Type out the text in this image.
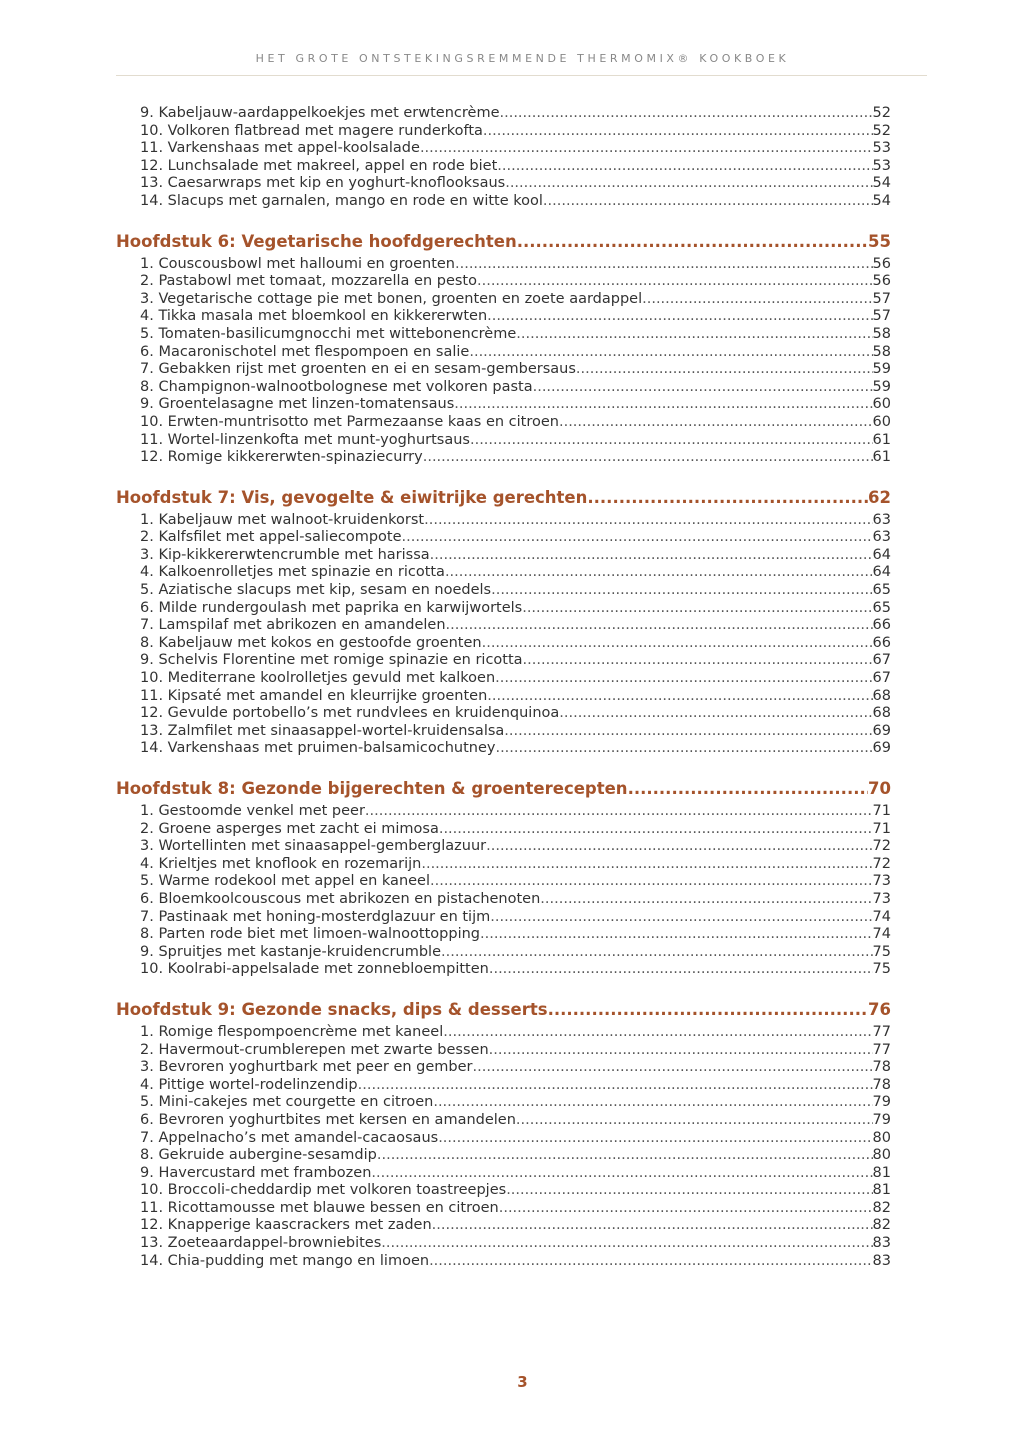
HET GROTE ONTSTEKINGSREMMENDE THERMOMIX® KOOKBOEK
9. Kabeljauw-aardappelkoekjes met erwtencrème .....	52
10. Volkoren flatbread met magere runderkofta .....	52
11. Varkenshaas met appel-koolsalade .....	53
12. Lunchsalade met makreel, appel en rode biet .....	53
13. Caesarwraps met kip en yoghurt-knoflooksaus .....	54
14. Slacups met garnalen, mango en rode en witte kool .....	54
Hoofdstuk 6: Vegetarische hoofdgerechten .....	55
1. Couscousbowl met halloumi en groenten .....	56
2. Pastabowl met tomaat, mozzarella en pesto .....	56
3. Vegetarische cottage pie met bonen, groenten en zoete aardappel .....	57
4. Tikka masala met bloemkool en kikkererwten .....	57
5. Tomaten-basilicumgnocchi met wittebonencrème .....	58
6. Macaronischotel met flespompoen en salie .....	58
7. Gebakken rijst met groenten en ei en sesam-gembersaus .....	59
8. Champignon-walnootbolognese met volkoren pasta .....	59
9. Groentelasagne met linzen-tomatensaus .....	60
10. Erwten-muntrisotto met Parmezaanse kaas en citroen .....	60
11. Wortel-linzenkofta met munt-yoghurtsaus .....	61
12. Romige kikkererwten-spinaziecurry .....	61
Hoofdstuk 7: Vis, gevogelte & eiwitrijke gerechten .....	62
1. Kabeljauw met walnoot-kruidenkorst .....	63
2. Kalfsfilet met appel-saliecompote .....	63
3. Kip-kikkererwtencrumble met harissa .....	64
4. Kalkoenrolletjes met spinazie en ricotta .....	64
5. Aziatische slacups met kip, sesam en noedels .....	65
6. Milde rundergoulash met paprika en karwijwortels .....	65
7. Lamspilaf met abrikozen en amandelen .....	66
8. Kabeljauw met kokos en gestoofde groenten .....	66
9. Schelvis Florentine met romige spinazie en ricotta .....	67
10. Mediterrane koolrolletjes gevuld met kalkoen .....	67
11. Kipsaté met amandel en kleurrijke groenten .....	68
12. Gevulde portobello’s met rundvlees en kruidenquinoa .....	68
13. Zalmfilet met sinaasappel-wortel-kruidensalsa .....	69
14. Varkenshaas met pruimen-balsamicochutney .....	69
Hoofdstuk 8: Gezonde bijgerechten & groenterecepten .....	70
1. Gestoomde venkel met peer .....	71
2. Groene asperges met zacht ei mimosa .....	71
3. Wortellinten met sinaasappel-gemberglazuur .....	72
4. Krieltjes met knoflook en rozemarijn .....	72
5. Warme rodekool met appel en kaneel .....	73
6. Bloemkoolcouscous met abrikozen en pistachenoten .....	73
7. Pastinaak met honing-mosterdglazuur en tijm .....	74
8. Parten rode biet met limoen-walnoottopping .....	74
9. Spruitjes met kastanje-kruidencrumble .....	75
10. Koolrabi-appelsalade met zonnebloempitten .....	75
Hoofdstuk 9: Gezonde snacks, dips & desserts .....	76
1. Romige flespompoencrème met kaneel .....	77
2. Havermout-crumblerepen met zwarte bessen .....	77
3. Bevroren yoghurtbark met peer en gember .....	78
4. Pittige wortel-rodelinzendip .....	78
5. Mini-cakejes met courgette en citroen .....	79
6. Bevroren yoghurtbites met kersen en amandelen .....	79
7. Appelnacho’s met amandel-cacaosaus .....	80
8. Gekruide aubergine-sesamdip .....	80
9. Havercustard met frambozen .....	81
10. Broccoli-cheddardip met volkoren toastreepjes .....	81
11. Ricottamousse met blauwe bessen en citroen .....	82
12. Knapperige kaascrackers met zaden .....	82
13. Zoeteaardappel-browniebites .....	83
14. Chia-pudding met mango en limoen .....	83
3
